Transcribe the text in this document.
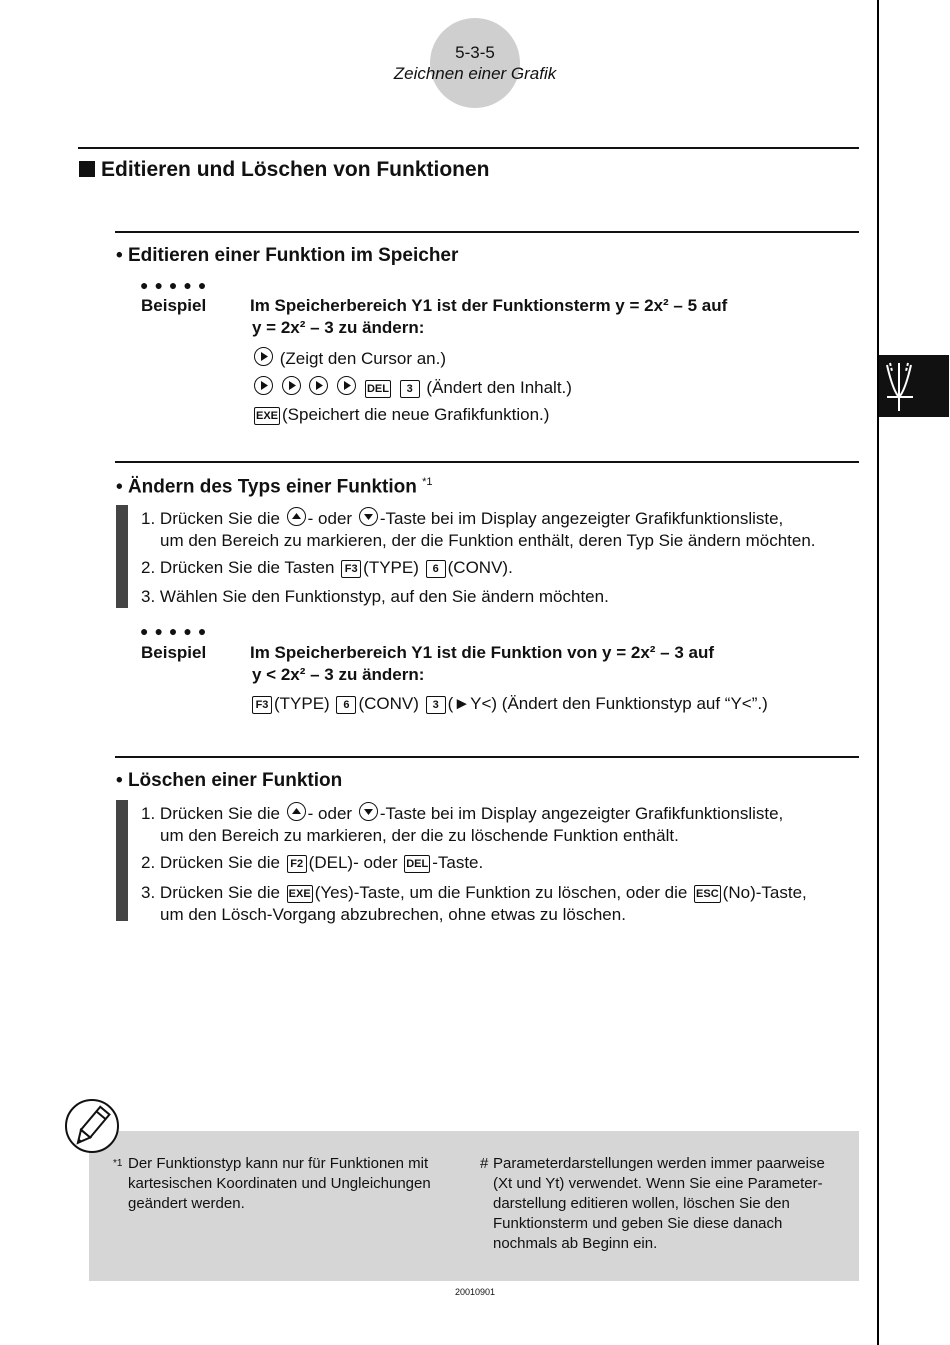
5-3-5
Zeichnen einer Grafik
Editieren und Löschen von Funktionen
• Editieren einer Funktion im Speicher
●●●●●
Beispiel	Im Speicherbereich Y1 ist der Funktionsterm y = 2x² – 5 auf
y = 2x² – 3 zu ändern:
(Zeigt den Cursor an.)

DEL 3 (Ändert den Inhalt.)
EXE (Speichert die neue Grafikfunktion.)
• Ändern des Typs einer Funktion $^{*1}$
1. Drücken Sie die - oder -Taste bei im Display angezeigter Grafikfunktionsliste,
um den Bereich zu markieren, der die Funktion enthält, deren Typ Sie ändern möchten.
2. Drücken Sie die Tasten F3 (TYPE) 6 (CONV).
3. Wählen Sie den Funktionstyp, auf den Sie ändern möchten.
●●●●●
Beispiel	Im Speicherbereich Y1 ist die Funktion von y = 2x² – 3 auf
y < 2x² – 3 zu ändern:
F3 (TYPE) 6 (CONV) 3 (►Y<) (Ändert den Funktionstyp auf “Y<”.)
• Löschen einer Funktion
1. Drücken Sie die - oder -Taste bei im Display angezeigter Grafikfunktionsliste,
um den Bereich zu markieren, der die zu löschende Funktion enthält.
2. Drücken Sie die F2 (DEL)- oder DEL -Taste.
3. Drücken Sie die EXE (Yes)-Taste, um die Funktion zu löschen, oder die ESC (No)-Taste,
um den Lösch-Vorgang abzubrechen, ohne etwas zu löschen.
*1 Der Funktionstyp kann nur für Funktionen mit
kartesischen Koordinaten und Ungleichungen
geändert werden.
# Parameterdarstellungen werden immer paarweise
(Xt und Yt) verwendet. Wenn Sie eine Parameter-
darstellung editieren wollen, löschen Sie den
Funktionsterm und geben Sie diese danach
nochmals ab Beginn ein.
20010901
